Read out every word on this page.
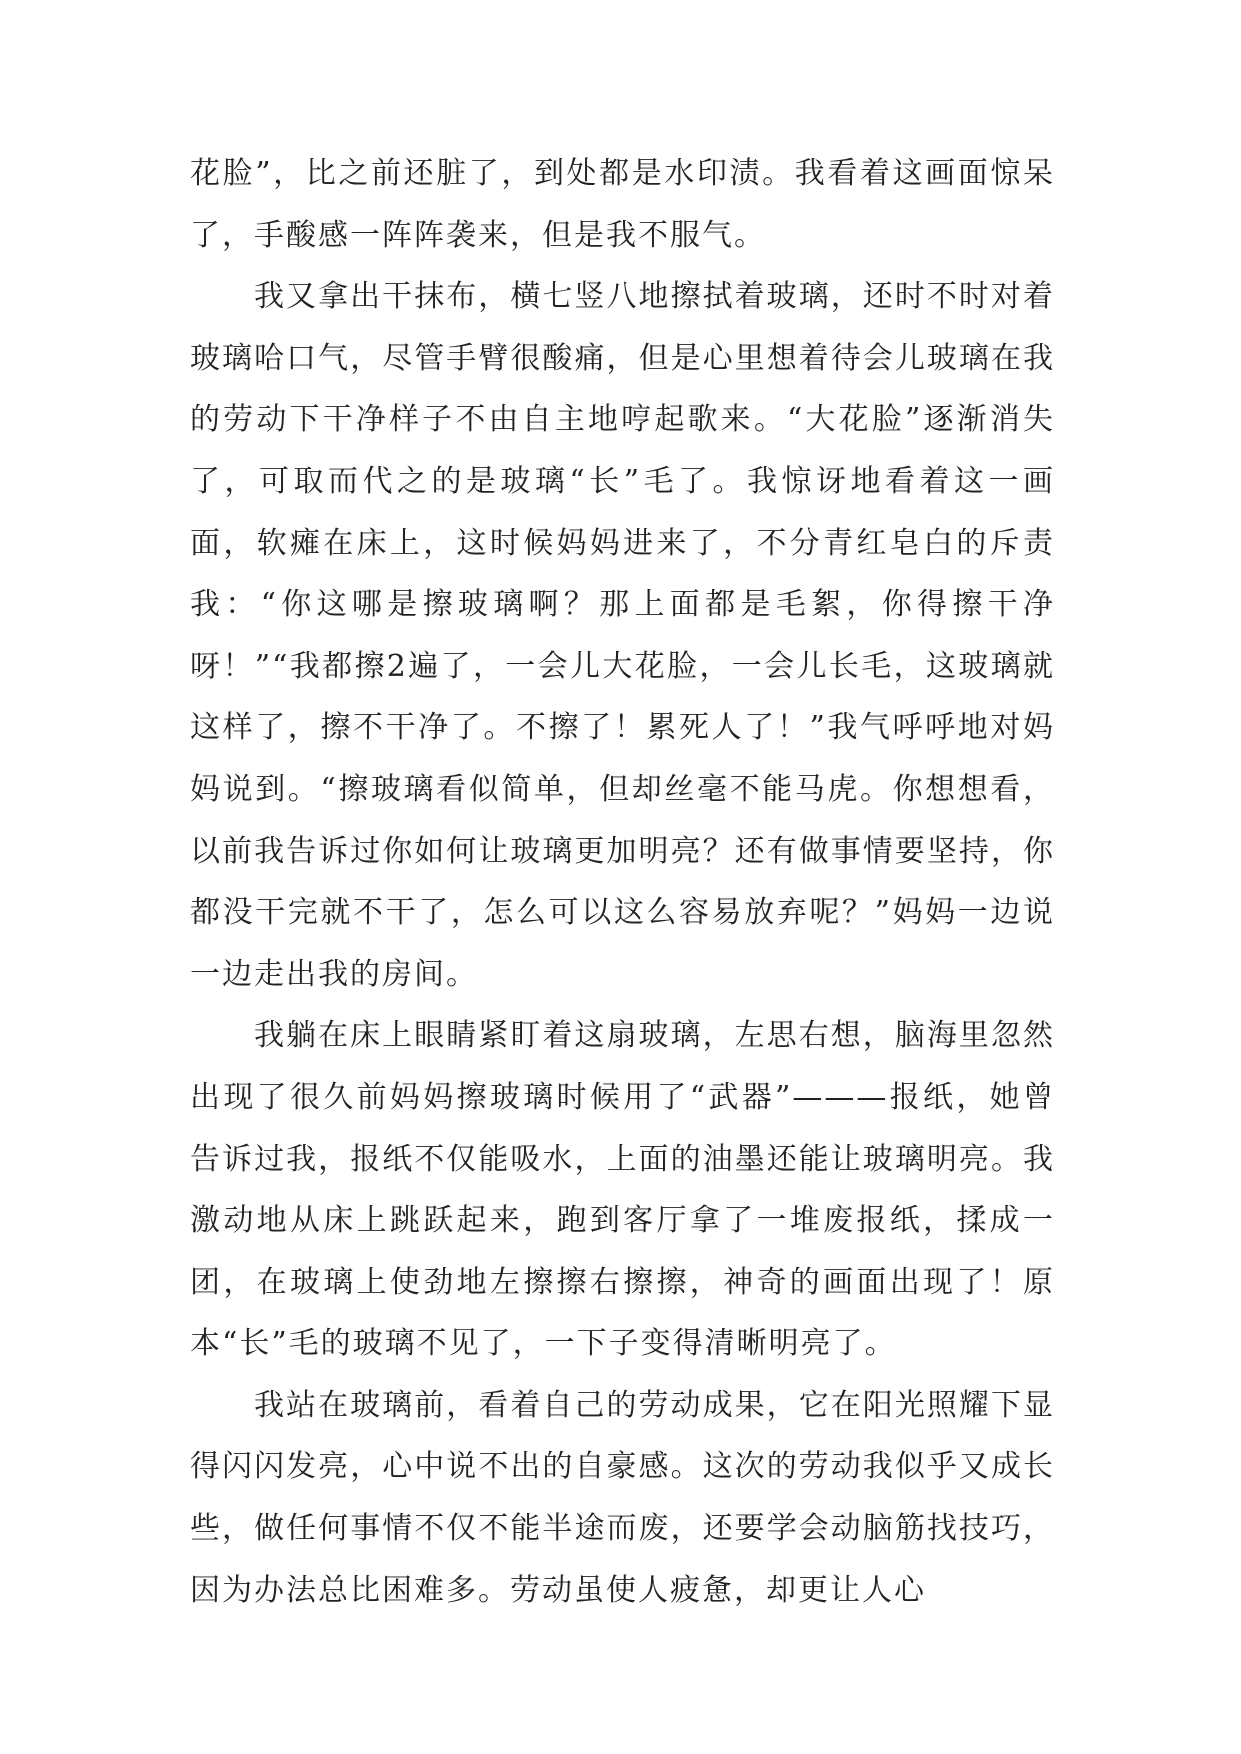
花脸”，比之前还脏了，到处都是水印渍。我看着这画面惊呆了，手酸感一阵阵袭来，但是我不服气。

我又拿出干抹布，横七竖八地擦拭着玻璃，还时不时对着玻璃哈口气，尽管手臂很酸痛，但是心里想着待会儿玻璃在我的劳动下干净样子不由自主地哼起歌来。“大花脸”逐渐消失了，可取而代之的是玻璃“长”毛了。我惊讶地看着这一画面，软瘫在床上，这时候妈妈进来了，不分青红皂白的斥责我：“你这哪是擦玻璃啊？那上面都是毛絮，你得擦干净呀！”“我都擦2遍了，一会儿大花脸，一会儿长毛，这玻璃就这样了，擦不干净了。不擦了！累死人了！”我气呼呼地对妈妈说到。“擦玻璃看似简单，但却丝毫不能马虎。你想想看，以前我告诉过你如何让玻璃更加明亮？还有做事情要坚持，你都没干完就不干了，怎么可以这么容易放弃呢？”妈妈一边说一边走出我的房间。

我躺在床上眼睛紧盯着这扇玻璃，左思右想，脑海里忽然出现了很久前妈妈擦玻璃时候用了“武器”———报纸，她曾告诉过我，报纸不仅能吸水，上面的油墨还能让玻璃明亮。我激动地从床上跳跃起来，跑到客厅拿了一堆废报纸，揉成一团，在玻璃上使劲地左擦擦右擦擦，神奇的画面出现了！原本“长”毛的玻璃不见了，一下子变得清晰明亮了。

我站在玻璃前，看着自己的劳动成果，它在阳光照耀下显得闪闪发亮，心中说不出的自豪感。这次的劳动我似乎又成长些，做任何事情不仅不能半途而废，还要学会动脑筋找技巧，因为办法总比困难多。劳动虽使人疲惫，却更让人心
